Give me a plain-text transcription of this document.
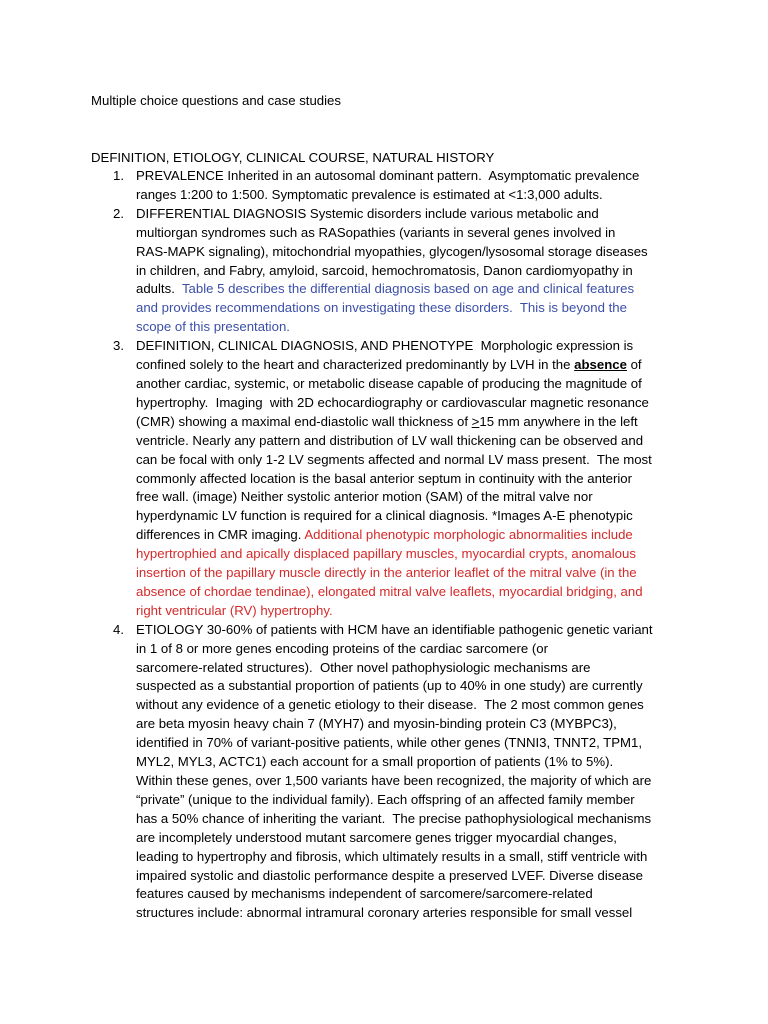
Multiple choice questions and case studies
DEFINITION, ETIOLOGY, CLINICAL COURSE, NATURAL HISTORY
1. PREVALENCE Inherited in an autosomal dominant pattern.  Asymptomatic prevalence
ranges 1:200 to 1:500. Symptomatic prevalence is estimated at <1:3,000 adults.
2. DIFFERENTIAL DIAGNOSIS Systemic disorders include various metabolic and
multiorgan syndromes such as RASopathies (variants in several genes involved in
RAS-MAPK signaling), mitochondrial myopathies, glycogen/lysosomal storage diseases
in children, and Fabry, amyloid, sarcoid, hemochromatosis, Danon cardiomyopathy in
adults.  Table 5 describes the differential diagnosis based on age and clinical features
and provides recommendations on investigating these disorders.  This is beyond the
scope of this presentation.
3. DEFINITION, CLINICAL DIAGNOSIS, AND PHENOTYPE  Morphologic expression is
confined solely to the heart and characterized predominantly by LVH in the absence of
another cardiac, systemic, or metabolic disease capable of producing the magnitude of
hypertrophy.  Imaging  with 2D echocardiography or cardiovascular magnetic resonance
(CMR) showing a maximal end-diastolic wall thickness of >15 mm anywhere in the left
ventricle. Nearly any pattern and distribution of LV wall thickening can be observed and
can be focal with only 1-2 LV segments affected and normal LV mass present.  The most
commonly affected location is the basal anterior septum in continuity with the anterior
free wall. (image) Neither systolic anterior motion (SAM) of the mitral valve nor
hyperdynamic LV function is required for a clinical diagnosis. *Images A-E phenotypic
differences in CMR imaging. Additional phenotypic morphologic abnormalities include
hypertrophied and apically displaced papillary muscles, myocardial crypts, anomalous
insertion of the papillary muscle directly in the anterior leaflet of the mitral valve (in the
absence of chordae tendinae), elongated mitral valve leaflets, myocardial bridging, and
right ventricular (RV) hypertrophy.
4. ETIOLOGY 30-60% of patients with HCM have an identifiable pathogenic genetic variant
in 1 of 8 or more genes encoding proteins of the cardiac sarcomere (or
sarcomere-related structures).  Other novel pathophysiologic mechanisms are
suspected as a substantial proportion of patients (up to 40% in one study) are currently
without any evidence of a genetic etiology to their disease.  The 2 most common genes
are beta myosin heavy chain 7 (MYH7) and myosin-binding protein C3 (MYBPC3),
identified in 70% of variant-positive patients, while other genes (TNNI3, TNNT2, TPM1,
MYL2, MYL3, ACTC1) each account for a small proportion of patients (1% to 5%).
Within these genes, over 1,500 variants have been recognized, the majority of which are
“private” (unique to the individual family). Each offspring of an affected family member
has a 50% chance of inheriting the variant.  The precise pathophysiological mechanisms
are incompletely understood mutant sarcomere genes trigger myocardial changes,
leading to hypertrophy and fibrosis, which ultimately results in a small, stiff ventricle with
impaired systolic and diastolic performance despite a preserved LVEF. Diverse disease
features caused by mechanisms independent of sarcomere/sarcomere-related
structures include: abnormal intramural coronary arteries responsible for small vessel
